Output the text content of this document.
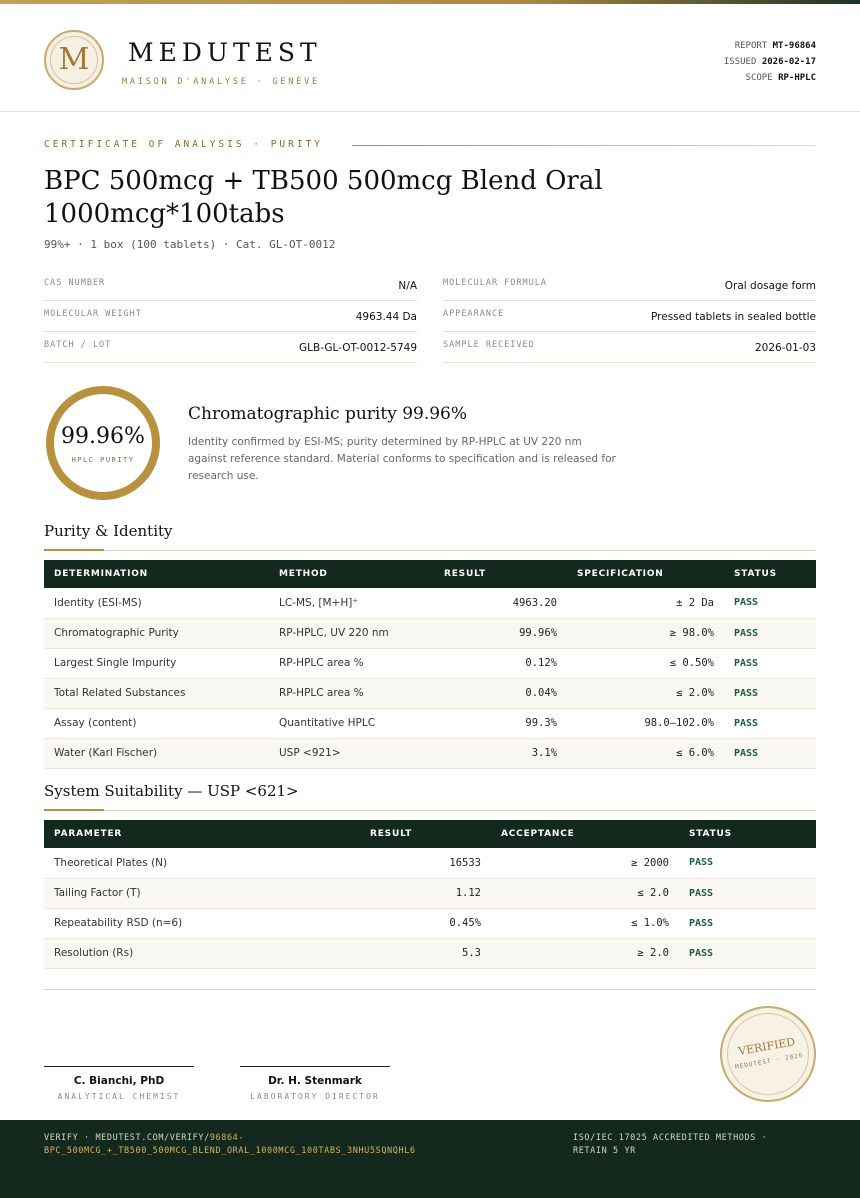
M	MEDUTEST
MAISON D'ANALYSE · GENÈVE
REPORT MT-96864
ISSUED 2026-02-17
SCOPE RP-HPLC
CERTIFICATE OF ANALYSIS · PURITY
BPC 500mcg + TB500 500mcg Blend Oral
1000mcg*100tabs
99%+ · 1 box (100 tablets) · Cat. GL-OT-0012
CAS NUMBER	N/A	MOLECULAR FORMULA	Oral dosage form
MOLECULAR WEIGHT	4963.44 Da	APPEARANCE	Pressed tablets in sealed bottle
BATCH / LOT	GLB-GL-OT-0012-5749	SAMPLE RECEIVED	2026-01-03
99.96%
HPLC PURITY
Chromatographic purity 99.96%
Identity confirmed by ESI-MS; purity determined by RP-HPLC at UV 220 nm against reference standard. Material conforms to specification and is released for research use.
Purity & Identity
DETERMINATION	METHOD	RESULT	SPECIFICATION	STATUS
Identity (ESI-MS)	LC-MS, [M+H]⁺	4963.20	± 2 Da	PASS
Chromatographic Purity	RP-HPLC, UV 220 nm	99.96%	≥ 98.0%	PASS
Largest Single Impurity	RP-HPLC area %	0.12%	≤ 0.50%	PASS
Total Related Substances	RP-HPLC area %	0.04%	≤ 2.0%	PASS
Assay (content)	Quantitative HPLC	99.3%	98.0–102.0%	PASS
Water (Karl Fischer)	USP <921>	3.1%	≤ 6.0%	PASS
System Suitability — USP <621>
PARAMETER	RESULT	ACCEPTANCE	STATUS
Theoretical Plates (N)	16533	≥ 2000	PASS
Tailing Factor (T)	1.12	≤ 2.0	PASS
Repeatability RSD (n=6)	0.45%	≤ 1.0%	PASS
Resolution (Rs)	5.3	≥ 2.0	PASS
C. Bianchi, PhD
ANALYTICAL CHEMIST
Dr. H. Stenmark
LABORATORY DIRECTOR
VERIFIED
MEDUTEST · 2026
VERIFY · MEDUTEST.COM/VERIFY/96864-
BPC_500MCG_+_TB500_500MCG_BLEND_ORAL_1000MCG_100TABS_3NHU5SQNQHL6
ISO/IEC 17025 ACCREDITED METHODS ·
RETAIN 5 YR
